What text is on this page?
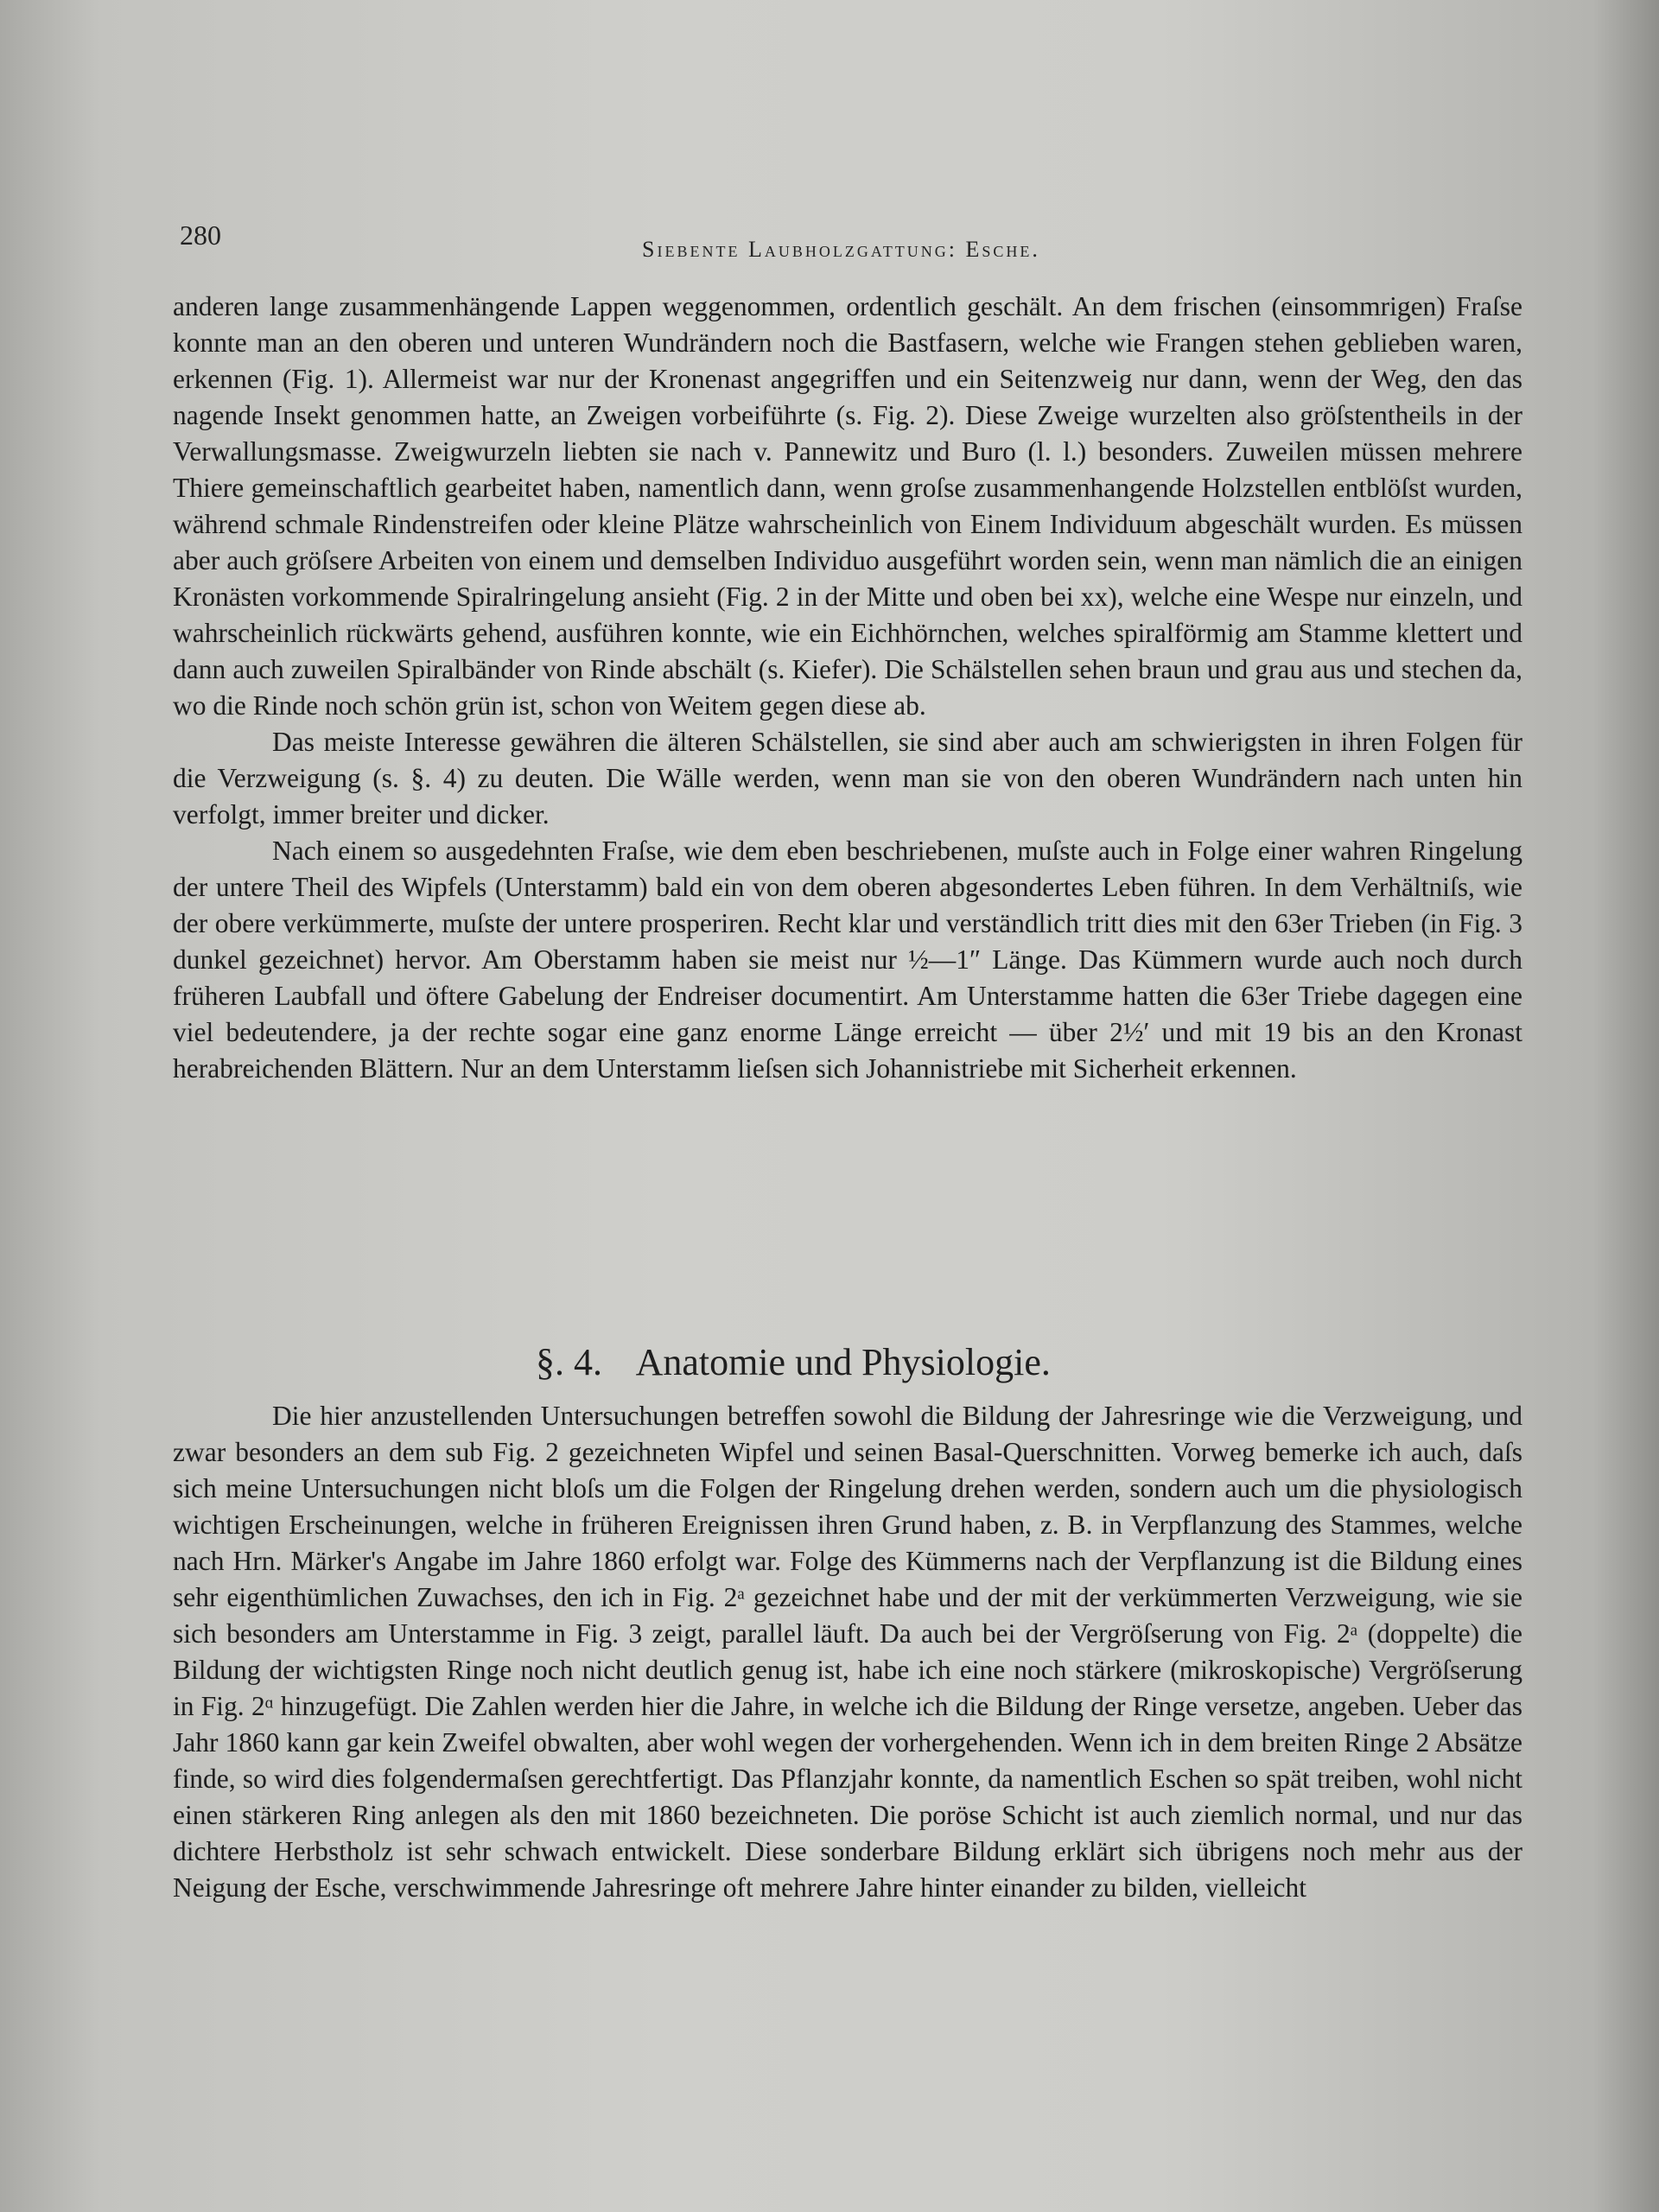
280	Siebente Laubholzgattung: Esche.

anderen lange zusammenhängende Lappen weggenommen, ordentlich geschält. An dem frischen (einsommrigen) Fraſse konnte man an den oberen und unteren Wundrändern noch die Bastfasern, welche wie Frangen stehen geblieben waren, erkennen (Fig. 1). Allermeist war nur der Kronenast angegriffen und ein Seitenzweig nur dann, wenn der Weg, den das nagende Insekt genommen hatte, an Zweigen vorbeiführte (s. Fig. 2). Diese Zweige wurzelten also gröſstentheils in der Verwallungsmasse. Zweigwurzeln liebten sie nach v. Pannewitz und Buro (l. l.) besonders. Zuweilen müssen mehrere Thiere gemeinschaftlich gearbeitet haben, namentlich dann, wenn groſse zusammenhangende Holzstellen entblöſst wurden, während schmale Rindenstreifen oder kleine Plätze wahrscheinlich von Einem Individuum abgeschält wurden. Es müssen aber auch gröſsere Arbeiten von einem und demselben Individuo ausgeführt worden sein, wenn man nämlich die an einigen Kronästen vorkommende Spiralringelung ansieht (Fig. 2 in der Mitte und oben bei xx), welche eine Wespe nur einzeln, und wahrscheinlich rückwärts gehend, ausführen konnte, wie ein Eichhörnchen, welches spiralförmig am Stamme klettert und dann auch zuweilen Spiralbänder von Rinde abschält (s. Kiefer). Die Schälstellen sehen braun und grau aus und stechen da, wo die Rinde noch schön grün ist, schon von Weitem gegen diese ab.

Das meiste Interesse gewähren die älteren Schälstellen, sie sind aber auch am schwierigsten in ihren Folgen für die Verzweigung (s. §. 4) zu deuten. Die Wälle werden, wenn man sie von den oberen Wundrändern nach unten hin verfolgt, immer breiter und dicker.

Nach einem so ausgedehnten Fraſse, wie dem eben beschriebenen, muſste auch in Folge einer wahren Ringelung der untere Theil des Wipfels (Unterstamm) bald ein von dem oberen abgesondertes Leben führen. In dem Verhältniſs, wie der obere verkümmerte, muſste der untere prosperiren. Recht klar und verständlich tritt dies mit den 63er Trieben (in Fig. 3 dunkel gezeichnet) hervor. Am Oberstamm haben sie meist nur ½—1″ Länge. Das Kümmern wurde auch noch durch früheren Laubfall und öftere Gabelung der Endreiser documentirt. Am Unterstamme hatten die 63er Triebe dagegen eine viel bedeutendere, ja der rechte sogar eine ganz enorme Länge erreicht — über 2½′ und mit 19 bis an den Kronast herabreichenden Blättern. Nur an dem Unterstamm lieſsen sich Johannistriebe mit Sicherheit erkennen.

§. 4. Anatomie und Physiologie.

Die hier anzustellenden Untersuchungen betreffen sowohl die Bildung der Jahresringe wie die Verzweigung, und zwar besonders an dem sub Fig. 2 gezeichneten Wipfel und seinen Basal-Querschnitten. Vorweg bemerke ich auch, daſs sich meine Untersuchungen nicht bloſs um die Folgen der Ringelung drehen werden, sondern auch um die physiologisch wichtigen Erscheinungen, welche in früheren Ereignissen ihren Grund haben, z. B. in Verpflanzung des Stammes, welche nach Hrn. Märker's Angabe im Jahre 1860 erfolgt war. Folge des Kümmerns nach der Verpflanzung ist die Bildung eines sehr eigenthümlichen Zuwachses, den ich in Fig. 2ᵃ gezeichnet habe und der mit der verkümmerten Verzweigung, wie sie sich besonders am Unterstamme in Fig. 3 zeigt, parallel läuft. Da auch bei der Vergröſserung von Fig. 2ᵃ (doppelte) die Bildung der wichtigsten Ringe noch nicht deutlich genug ist, habe ich eine noch stärkere (mikroskopische) Vergröſserung in Fig. 2ᵅ hinzugefügt. Die Zahlen werden hier die Jahre, in welche ich die Bildung der Ringe versetze, angeben. Ueber das Jahr 1860 kann gar kein Zweifel obwalten, aber wohl wegen der vorhergehenden. Wenn ich in dem breiten Ringe 2 Absätze finde, so wird dies folgendermaſsen gerechtfertigt. Das Pflanzjahr konnte, da namentlich Eschen so spät treiben, wohl nicht einen stärkeren Ring anlegen als den mit 1860 bezeichneten. Die poröse Schicht ist auch ziemlich normal, und nur das dichtere Herbstholz ist sehr schwach entwickelt. Diese sonderbare Bildung erklärt sich übrigens noch mehr aus der Neigung der Esche, verschwimmende Jahresringe oft mehrere Jahre hinter einander zu bilden, vielleicht
